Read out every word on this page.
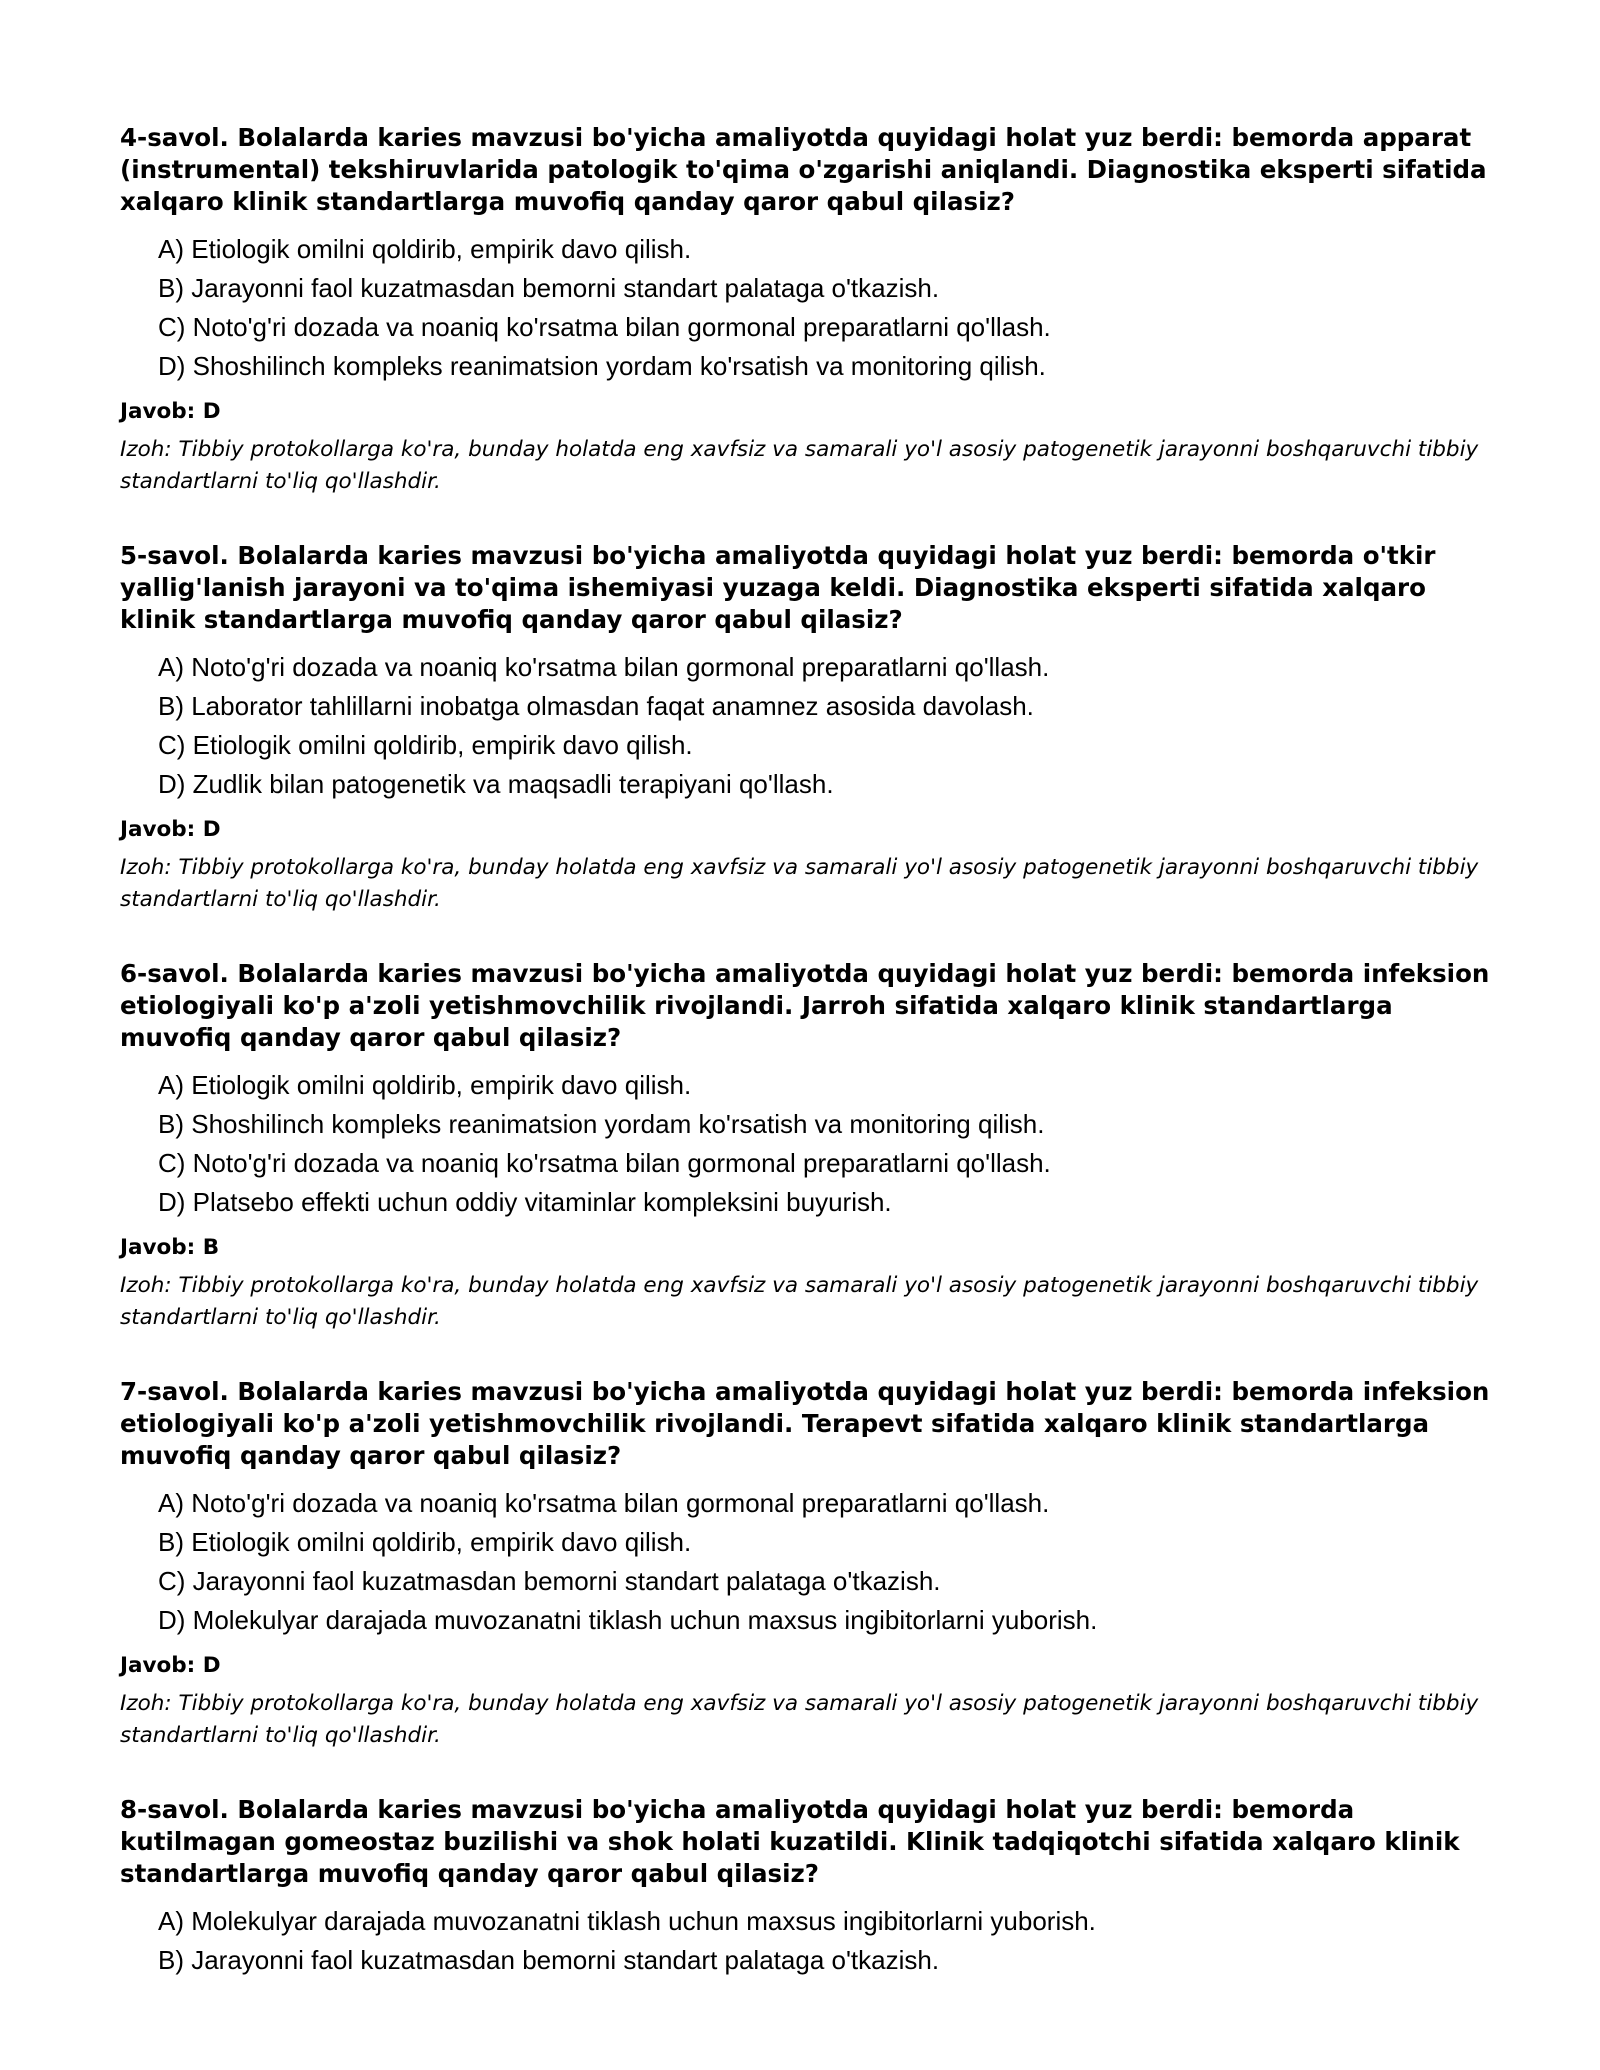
4-savol. Bolalarda karies mavzusi bo'yicha amaliyotda quyidagi holat yuz berdi: bemorda apparat (instrumental) tekshiruvlarida patologik to'qima o'zgarishi aniqlandi. Diagnostika eksperti sifatida xalqaro klinik standartlarga muvofiq qanday qaror qabul qilasiz?

A) Etiologik omilni qoldirib, empirik davo qilish.
B) Jarayonni faol kuzatmasdan bemorni standart palataga o'tkazish.
C) Noto'g'ri dozada va noaniq ko'rsatma bilan gormonal preparatlarni qo'llash.
D) Shoshilinch kompleks reanimatsion yordam ko'rsatish va monitoring qilish.

Javob: D

Izoh: Tibbiy protokollarga ko'ra, bunday holatda eng xavfsiz va samarali yo'l asosiy patogenetik jarayonni boshqaruvchi tibbiy standartlarni to'liq qo'llashdir.

5-savol. Bolalarda karies mavzusi bo'yicha amaliyotda quyidagi holat yuz berdi: bemorda o'tkir yallig'lanish jarayoni va to'qima ishemiyasi yuzaga keldi. Diagnostika eksperti sifatida xalqaro klinik standartlarga muvofiq qanday qaror qabul qilasiz?

A) Noto'g'ri dozada va noaniq ko'rsatma bilan gormonal preparatlarni qo'llash.
B) Laborator tahlillarni inobatga olmasdan faqat anamnez asosida davolash.
C) Etiologik omilni qoldirib, empirik davo qilish.
D) Zudlik bilan patogenetik va maqsadli terapiyani qo'llash.

Javob: D

Izoh: Tibbiy protokollarga ko'ra, bunday holatda eng xavfsiz va samarali yo'l asosiy patogenetik jarayonni boshqaruvchi tibbiy standartlarni to'liq qo'llashdir.

6-savol. Bolalarda karies mavzusi bo'yicha amaliyotda quyidagi holat yuz berdi: bemorda infeksion etiologiyali ko'p a'zoli yetishmovchilik rivojlandi. Jarroh sifatida xalqaro klinik standartlarga muvofiq qanday qaror qabul qilasiz?

A) Etiologik omilni qoldirib, empirik davo qilish.
B) Shoshilinch kompleks reanimatsion yordam ko'rsatish va monitoring qilish.
C) Noto'g'ri dozada va noaniq ko'rsatma bilan gormonal preparatlarni qo'llash.
D) Platsebo effekti uchun oddiy vitaminlar kompleksini buyurish.

Javob: B

Izoh: Tibbiy protokollarga ko'ra, bunday holatda eng xavfsiz va samarali yo'l asosiy patogenetik jarayonni boshqaruvchi tibbiy standartlarni to'liq qo'llashdir.

7-savol. Bolalarda karies mavzusi bo'yicha amaliyotda quyidagi holat yuz berdi: bemorda infeksion etiologiyali ko'p a'zoli yetishmovchilik rivojlandi. Terapevt sifatida xalqaro klinik standartlarga muvofiq qanday qaror qabul qilasiz?

A) Noto'g'ri dozada va noaniq ko'rsatma bilan gormonal preparatlarni qo'llash.
B) Etiologik omilni qoldirib, empirik davo qilish.
C) Jarayonni faol kuzatmasdan bemorni standart palataga o'tkazish.
D) Molekulyar darajada muvozanatni tiklash uchun maxsus ingibitorlarni yuborish.

Javob: D

Izoh: Tibbiy protokollarga ko'ra, bunday holatda eng xavfsiz va samarali yo'l asosiy patogenetik jarayonni boshqaruvchi tibbiy standartlarni to'liq qo'llashdir.

8-savol. Bolalarda karies mavzusi bo'yicha amaliyotda quyidagi holat yuz berdi: bemorda kutilmagan gomeostaz buzilishi va shok holati kuzatildi. Klinik tadqiqotchi sifatida xalqaro klinik standartlarga muvofiq qanday qaror qabul qilasiz?

A) Molekulyar darajada muvozanatni tiklash uchun maxsus ingibitorlarni yuborish.
B) Jarayonni faol kuzatmasdan bemorni standart palataga o'tkazish.
